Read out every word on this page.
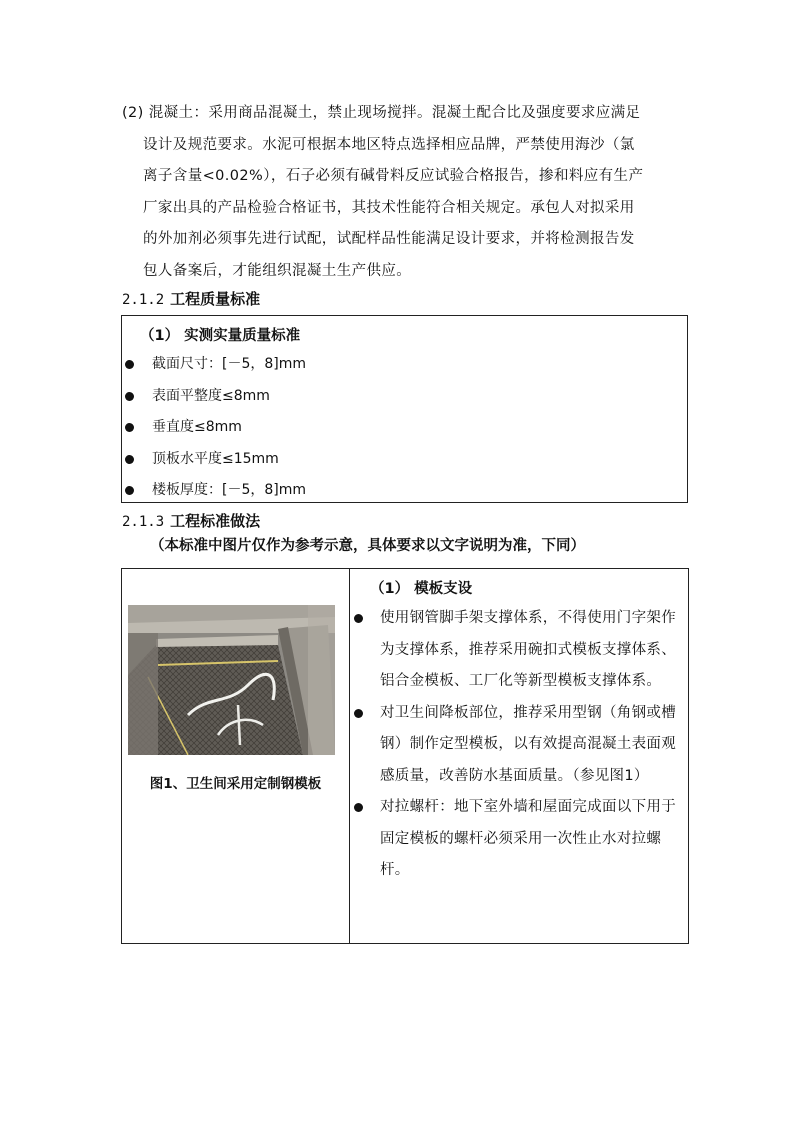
(2) 混凝土：采用商品混凝土，禁止现场搅拌。混凝土配合比及强度要求应满足
设计及规范要求。水泥可根据本地区特点选择相应品牌，严禁使用海沙（氯
离子含量<0.02%），石子必须有碱骨料反应试验合格报告，掺和料应有生产
厂家出具的产品检验合格证书，其技术性能符合相关规定。承包人对拟采用
的外加剂必须事先进行试配，试配样品性能满足设计要求，并将检测报告发
包人备案后，才能组织混凝土生产供应。
2.1.2 工程质量标准
（1） 实测实量质量标准
截面尺寸：[－5，8]mm
表面平整度≤8mm
垂直度≤8mm
顶板水平度≤15mm
楼板厚度：[－5，8]mm
2.1.3 工程标准做法
（本标准中图片仅作为参考示意，具体要求以文字说明为准，下同）
图1、卫生间采用定制钢模板
（1） 模板支设
使用钢管脚手架支撑体系，不得使用门字架作为支撑体系，推荐采用碗扣式模板支撑体系、铝合金模板、工厂化等新型模板支撑体系。
对卫生间降板部位，推荐采用型钢（角钢或槽钢）制作定型模板，以有效提高混凝土表面观感质量，改善防水基面质量。（参见图1）
对拉螺杆：地下室外墙和屋面完成面以下用于固定模板的螺杆必须采用一次性止水对拉螺杆。
